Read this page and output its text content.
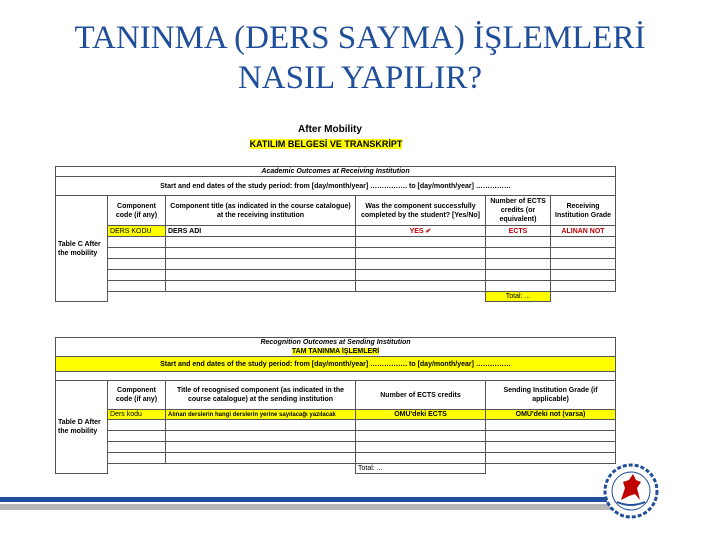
TANINMA (DERS SAYMA) İŞLEMLERİ
NASIL YAPILIR?
After Mobility
KATILIM BELGESİ VE TRANSKRİPT
Academic Outcomes at Receiving Institution					
Start and end dates of the study period: from [day/month/year] ……………. to [day/month/year] ……………					
Table C After the mobility	Component code (if any)	Component title (as indicated in the course catalogue) at the receiving institution	Was the component successfully completed by the student? [Yes/No]	Number of ECTS credits (or equivalent)	Receiving Institution Grade
	DERS KODU	DERS ADI	YES ✔	ECTS	ALINAN NOT

				Total: ...	
Recognition Outcomes at Sending Institution				
TAM TANINMA İŞLEMLERİ				
Start and end dates of the study period: from [day/month/year] ……………. to [day/month/year] ……………				

Table D After the mobility	Component code (if any)	Title of recognised component (as indicated in the course catalogue) at the sending institution	Number of ECTS credits	Sending Institution Grade (if applicable)
	Ders kodu	Alınan derslerin hangi derslerin yerine sayılacağı yazılacak	OMÜ'deki ECTS	OMÜ'deki not (varsa)

			Total: ...	
